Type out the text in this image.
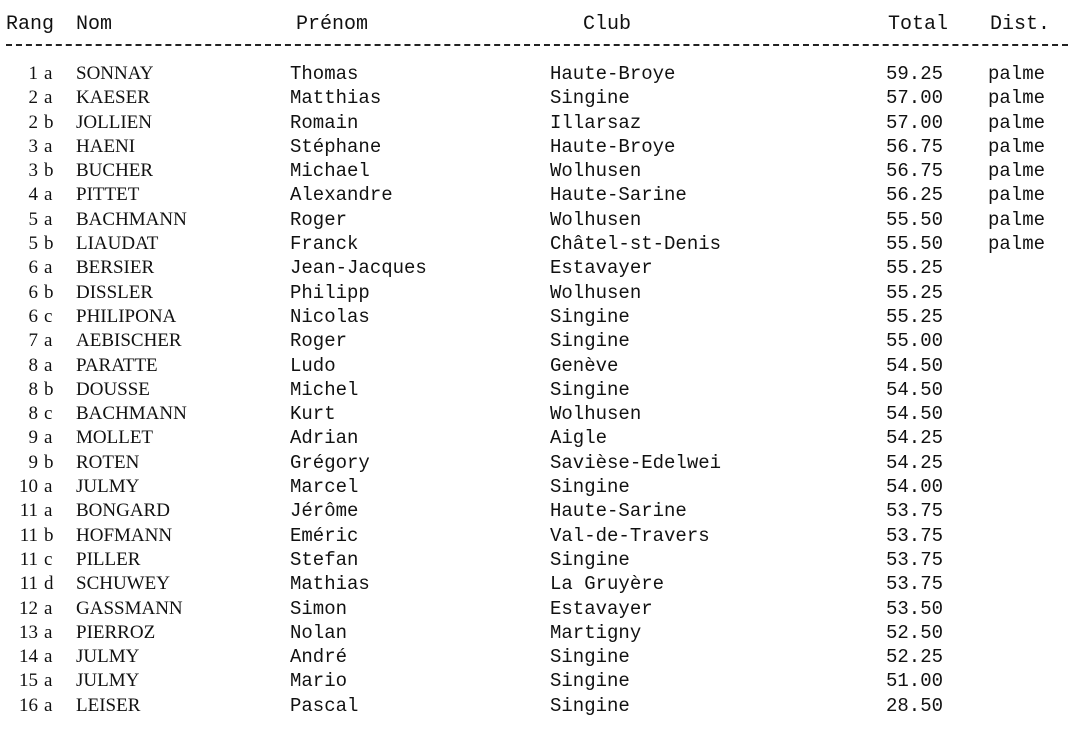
Rang Nom	Prénom	Club	Total Dist.
1 a	SONNAY	Thomas	Haute-Broye	59.25 palme
2 a	KAESER	Matthias	Singine	57.00 palme
2 b	JOLLIEN	Romain	Illarsaz	57.00 palme
3 a	HAENI	Stéphane	Haute-Broye	56.75 palme
3 b	BUCHER	Michael	Wolhusen	56.75 palme
4 a	PITTET	Alexandre	Haute-Sarine	56.25 palme
5 a	BACHMANN	Roger	Wolhusen	55.50 palme
5 b	LIAUDAT	Franck	Châtel-st-Denis	55.50 palme
6 a	BERSIER	Jean-Jacques	Estavayer	55.25
6 b	DISSLER	Philipp	Wolhusen	55.25
6 c	PHILIPONA	Nicolas	Singine	55.25
7 a	AEBISCHER	Roger	Singine	55.00
8 a	PARATTE	Ludo	Genève	54.50
8 b	DOUSSE	Michel	Singine	54.50
8 c	BACHMANN	Kurt	Wolhusen	54.50
9 a	MOLLET	Adrian	Aigle	54.25
9 b	ROTEN	Grégory	Savièse-Edelwei	54.25
10 a	JULMY	Marcel	Singine	54.00
11 a	BONGARD	Jérôme	Haute-Sarine	53.75
11 b	HOFMANN	Eméric	Val-de-Travers	53.75
11 c	PILLER	Stefan	Singine	53.75
11 d	SCHUWEY	Mathias	La Gruyère	53.75
12 a	GASSMANN	Simon	Estavayer	53.50
13 a	PIERROZ	Nolan	Martigny	52.50
14 a	JULMY	André	Singine	52.25
15 a	JULMY	Mario	Singine	51.00
16 a	LEISER	Pascal	Singine	28.50
